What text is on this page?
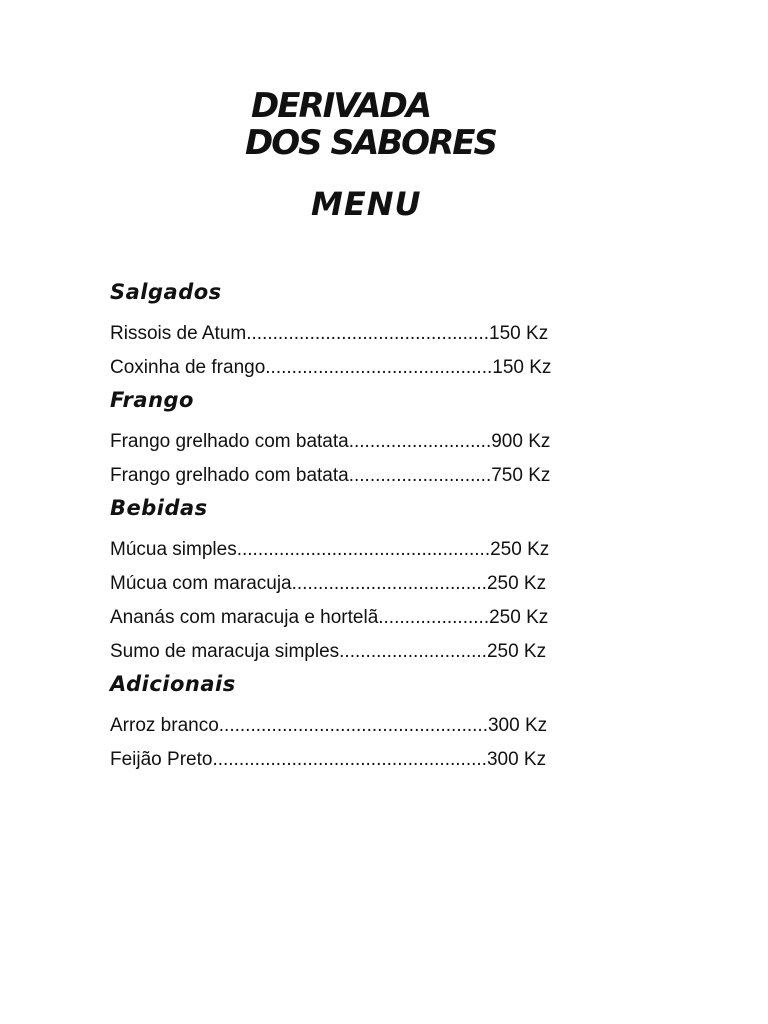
DERIVADA
DOS SABORES
MENU
Salgados
Rissois de Atum..............................................150 Kz
Coxinha de frango...........................................150 Kz
Frango
Frango grelhado com batata...........................900 Kz
Frango grelhado com batata...........................750 Kz
Bebidas
Múcua simples................................................250 Kz
Múcua com maracuja.....................................250 Kz
Ananás com maracuja e hortelã.....................250 Kz
Sumo de maracuja simples............................250 Kz
Adicionais
Arroz branco...................................................300 Kz
Feijão Preto....................................................300 Kz
